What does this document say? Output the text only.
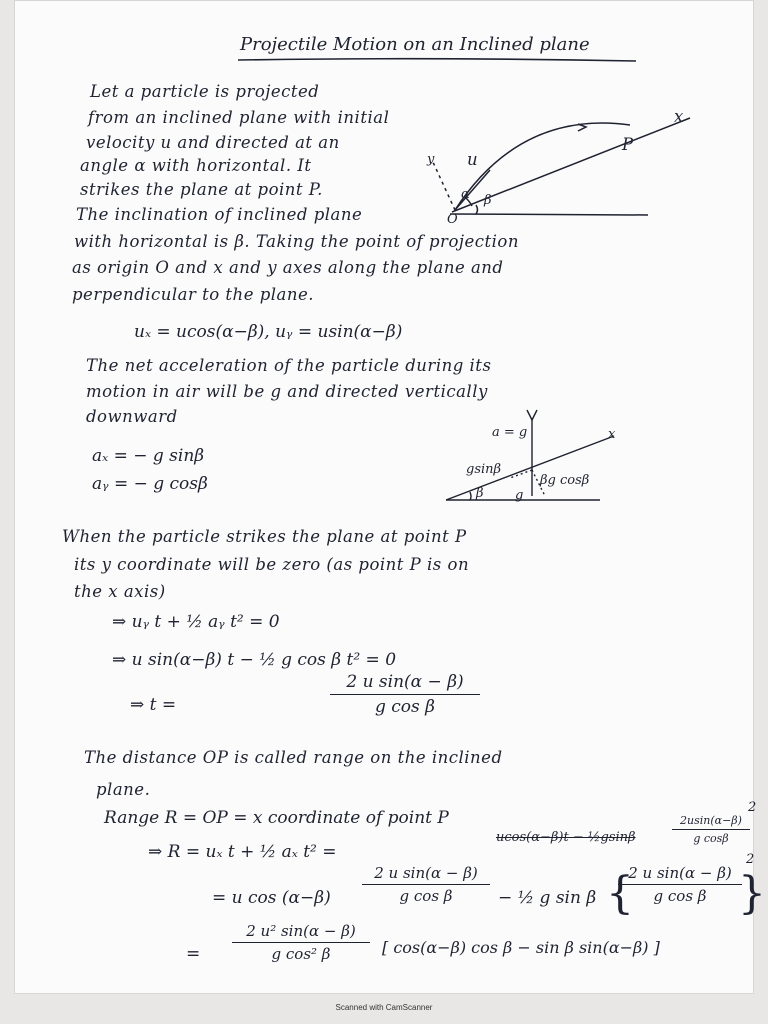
Projectile Motion on an Inclined plane
Let a particle is projected
from an inclined plane with initial
velocity u and directed at an
angle α with horizontal. It
strikes the plane at point P.
The inclination of inclined plane
with horizontal is β. Taking the point of projection
as origin O and x and y axes along the plane and
perpendicular to the plane.
y u
P
O
β
α
x
uₓ = ucos(α−β), uᵧ = usin(α−β)
The net acceleration of the particle during its
motion in air will be g and directed vertically
downward
aₓ = − g sinβ
aᵧ = − g cosβ
a = g	x
gsinβ
βg cosβ
β g
When the particle strikes the plane at point P
its y coordinate will be zero (as point P is on
the x axis)
⇒ uᵧ t + ½ aᵧ t² = 0
⇒ u sin(α−β) t − ½ g cos β t² = 0
⇒ t =
2 u sin(α − β)
g cos β
The distance OP is called range on the inclined
plane.
Range R = OP = x coordinate of point P
⇒ R = uₓ t + ½ aₓ t² =
ucos(α−β)t − ½gsinβ
2usin(α−β)
g cosβ
2
= u cos (α−β)
2 u sin(α − β)
g cos β	− ½ g sin β {
2 u sin(α − β)
g cos β }
2
=
2 u² sin(α − β)
g cos² β	[ cos(α−β) cos β − sin β sin(α−β) ]
Scanned with CamScanner
